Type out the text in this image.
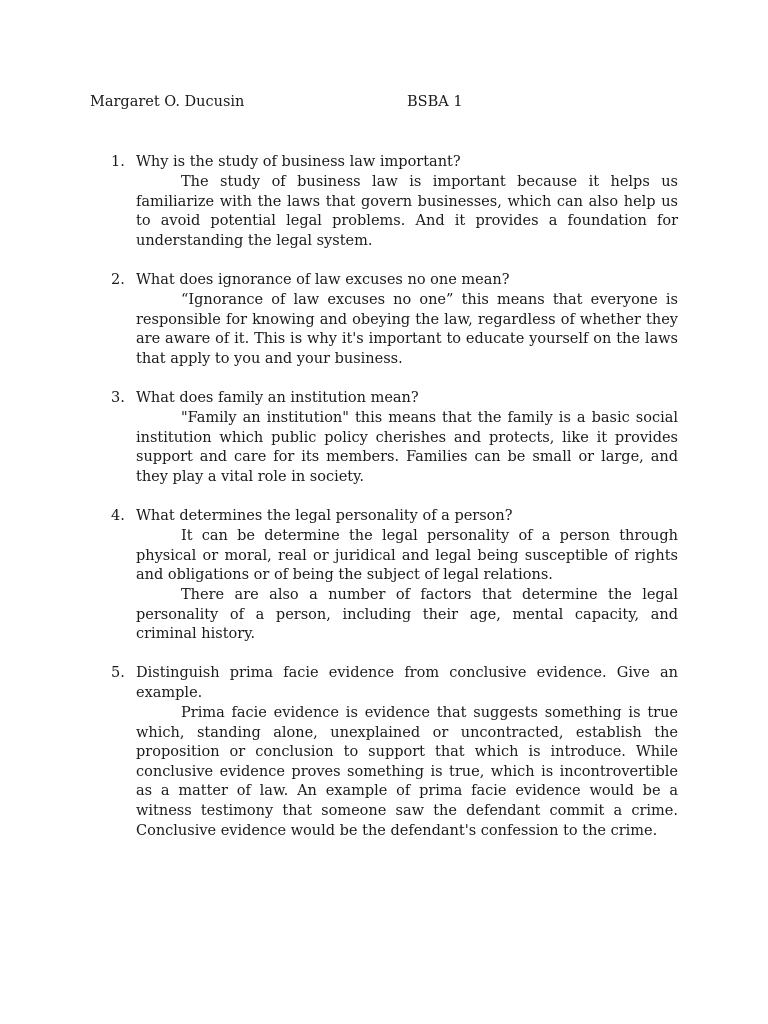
Margaret O. Ducusin	BSBA 1
1. Why is the study of business law important?
The study of business law is important because it helps us familiarize with the laws that govern businesses, which can also help us to avoid potential legal problems. And it provides a foundation for understanding the legal system.
2. What does ignorance of law excuses no one mean?
“Ignorance of law excuses no one” this means that everyone is responsible for knowing and obeying the law, regardless of whether they are aware of it. This is why it's important to educate yourself on the laws that apply to you and your business.
3. What does family an institution mean?
"Family an institution" this means that the family is a basic social institution which public policy cherishes and protects, like it provides support and care for its members. Families can be small or large, and they play a vital role in society.
4. What determines the legal personality of a person?
It can be determine the legal personality of a person through physical or moral, real or juridical and legal being susceptible of rights and obligations or of being the subject of legal relations.
There are also a number of factors that determine the legal personality of a person, including their age, mental capacity, and criminal history.
5. Distinguish prima facie evidence from conclusive evidence. Give an example.
Prima facie evidence is evidence that suggests something is true which, standing alone, unexplained or uncontracted, establish the proposition or conclusion to support that which is introduce. While conclusive evidence proves something is true, which is incontrovertible as a matter of law. An example of prima facie evidence would be a witness testimony that someone saw the defendant commit a crime. Conclusive evidence would be the defendant's confession to the crime.
